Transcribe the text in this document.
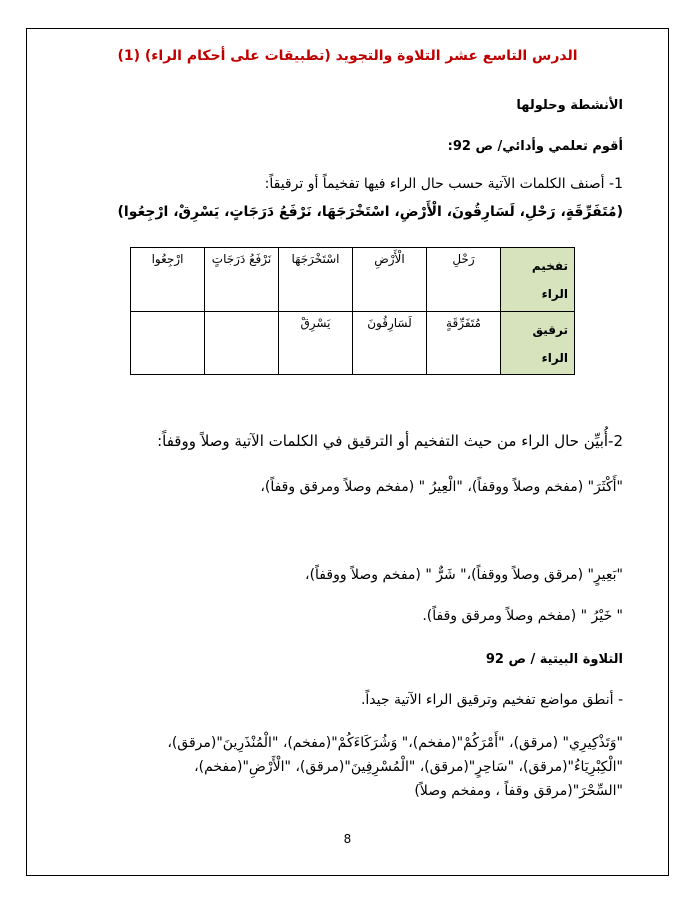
الدرس التاسع عشر التلاوة والتجويد (تطبيقات على أحكام الراء) (1)
الأنشطة وحلولها
أقوم تعلمي وأدائي/ ص 92:
1- أصنف الكلمات الآتية حسب حال الراء فيها تفخيماً أو ترقيقاً:
(مُتَفَرِّقَةٍ، رَحْلِ، لَسَارِقُونَ، الْأَرْضِ، اسْتَخْرَجَهَا، نَرْفَعُ دَرَجَاتٍ، يَسْرِقْ، ارْجِعُوا)
تفخيم الراء	رَحْلِ	الْأَرْضِ	اسْتَخْرَجَهَا	نَرْفَعُ دَرَجَاتٍ	ارْجِعُوا
ترقيق الراء	مُتَفَرِّقَةٍ	لَسَارِقُونَ	يَسْرِقْ		
2-أُبيِّن حال الراء من حيث التفخيم أو الترقيق في الكلمات الآتية وصلاً ووقفاً:
"أَكْثَرَ" (مفخم وصلاً ووقفاً)، "الْعِيرُ " (مفخم وصلاً ومرقق وقفاً)،
"بَعِيرٍ" (مرقق وصلاً ووقفاً)،" شَرٌّ " (مفخم وصلاً ووقفاً)،
" خَيْرُ " (مفخم وصلاً ومرقق وقفاً).
التلاوة البيتية / ص 92
- أنطق مواضع تفخيم وترقيق الراء الآتية جيداً.
"وَتَذْكِيرِي" (مرقق)، "أَمْرَكُمْ"(مفخم)،" وَشُرَكَاءَكُمْ"(مفخم)، "الْمُنْذَرِينَ"(مرقق)،
"الْكِبْرِيَاءُ"(مرقق)، "سَاحِرٍ"(مرقق)، "الْمُسْرِفِينَ"(مرقق)، "الْأَرْضِ"(مفخم)،
"السِّحْرَ"(مرقق وقفاً ، ومفخم وصلاً)
8
